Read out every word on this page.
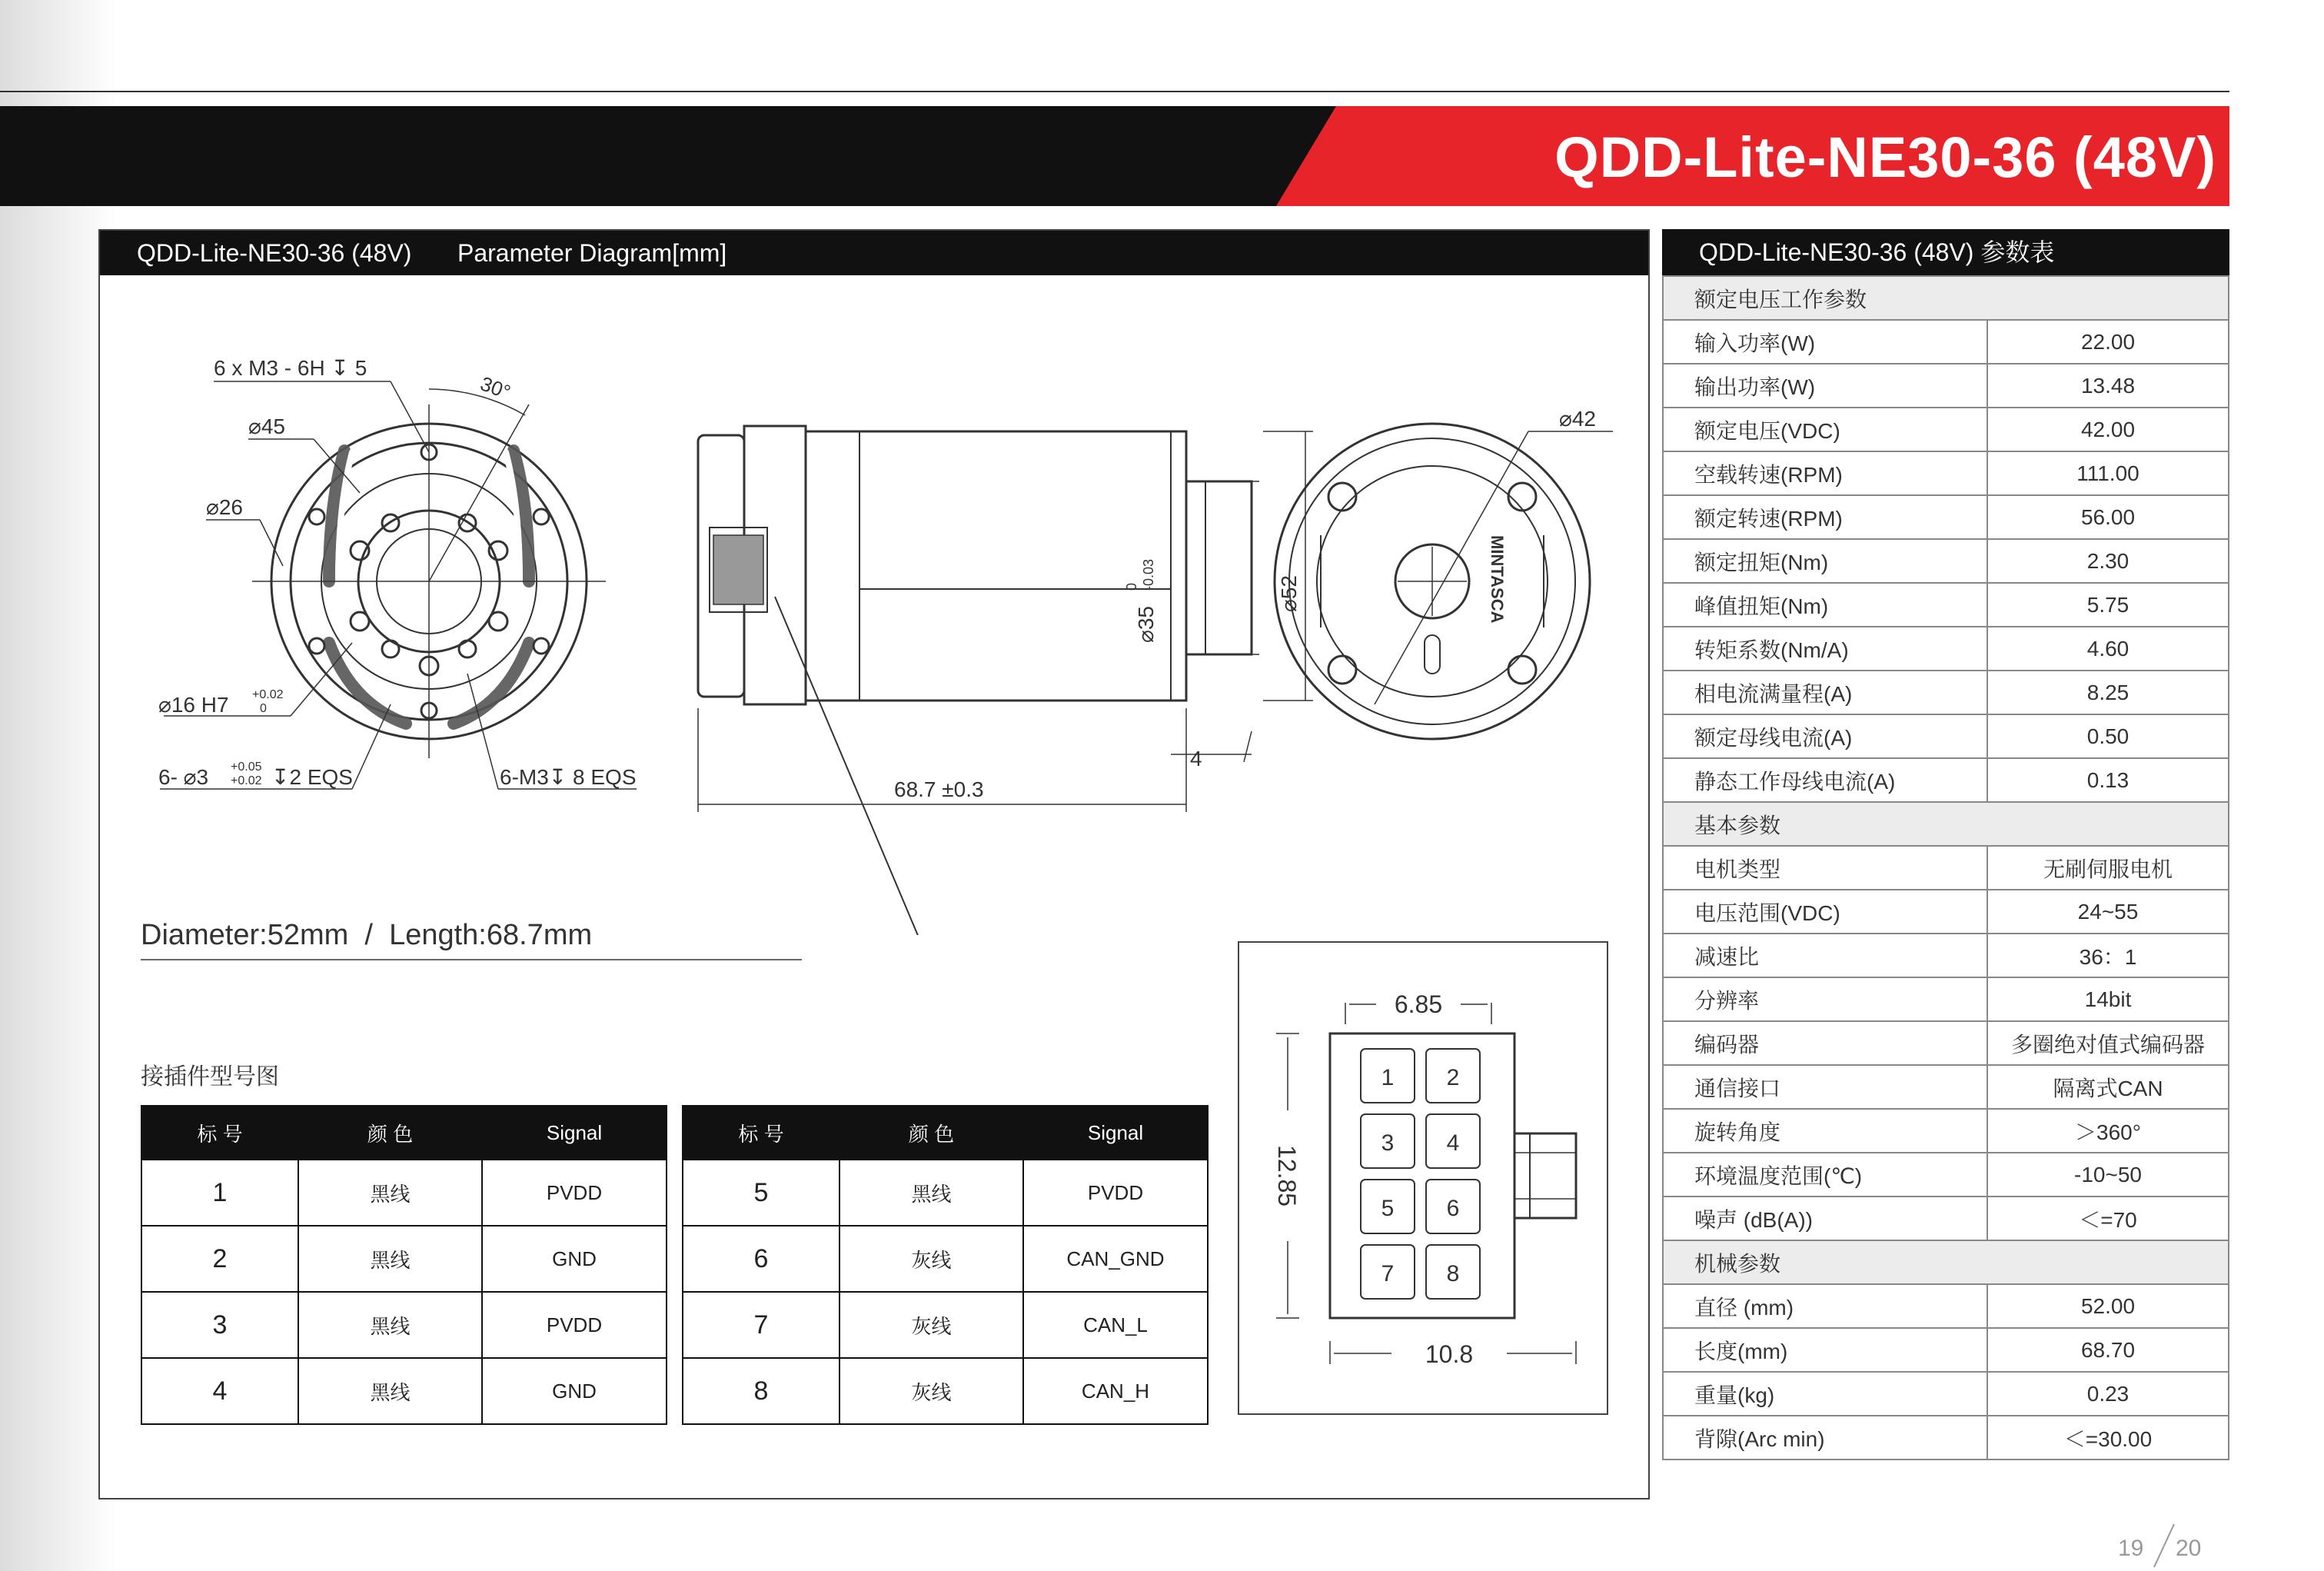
QDD-Lite-NE30-36 (48V)
QDD-Lite-NE30-36 (48V) Parameter Diagram[mm]
6 x M3 - 6H ↧ 5
30°
⌀45
⌀26
⌀16 H7 +0.02
0
6- ⌀3 +0.05
+0.02 ↧2 EQS	6-M3↧ 8 EQS
⌀35
0 -0.03
⌀52
68.7 ±0.3
4
⌀42
MINTASCA
Diameter:52mm  /  Length:68.7mm
接插件型号图
标 号	颜 色	Signal
1	黑线	PVDD
2	黑线	GND
3	黑线	PVDD
4	黑线	GND
标 号	颜 色	Signal
5	黑线	PVDD
6	灰线	CAN_GND
7	灰线	CAN_L
8	灰线	CAN_H
1 2
3 4
5 6
7 8
6.85
12.85
10.8
QDD-Lite-NE30-36 (48V) 参数表
额定电压工作参数	
输入功率(W)	22.00
输出功率(W)	13.48
额定电压(VDC)	42.00
空载转速(RPM)	111.00
额定转速(RPM)	56.00
额定扭矩(Nm)	2.30
峰值扭矩(Nm)	5.75
转矩系数(Nm/A)	4.60
相电流满量程(A)	8.25
额定母线电流(A)	0.50
静态工作母线电流(A)	0.13
基本参数	
电机类型	无刷伺服电机
电压范围(VDC)	24~55
减速比	36：1
分辨率	14bit
编码器	多圈绝对值式编码器
通信接口	隔离式CAN
旋转角度	＞360°
环境温度范围(℃)	-10~50
噪声 (dB(A))	＜=70
机械参数	
直径 (mm)	52.00
长度(mm)	68.70
重量(kg)	0.23
背隙(Arc min)	＜=30.00
19 20
